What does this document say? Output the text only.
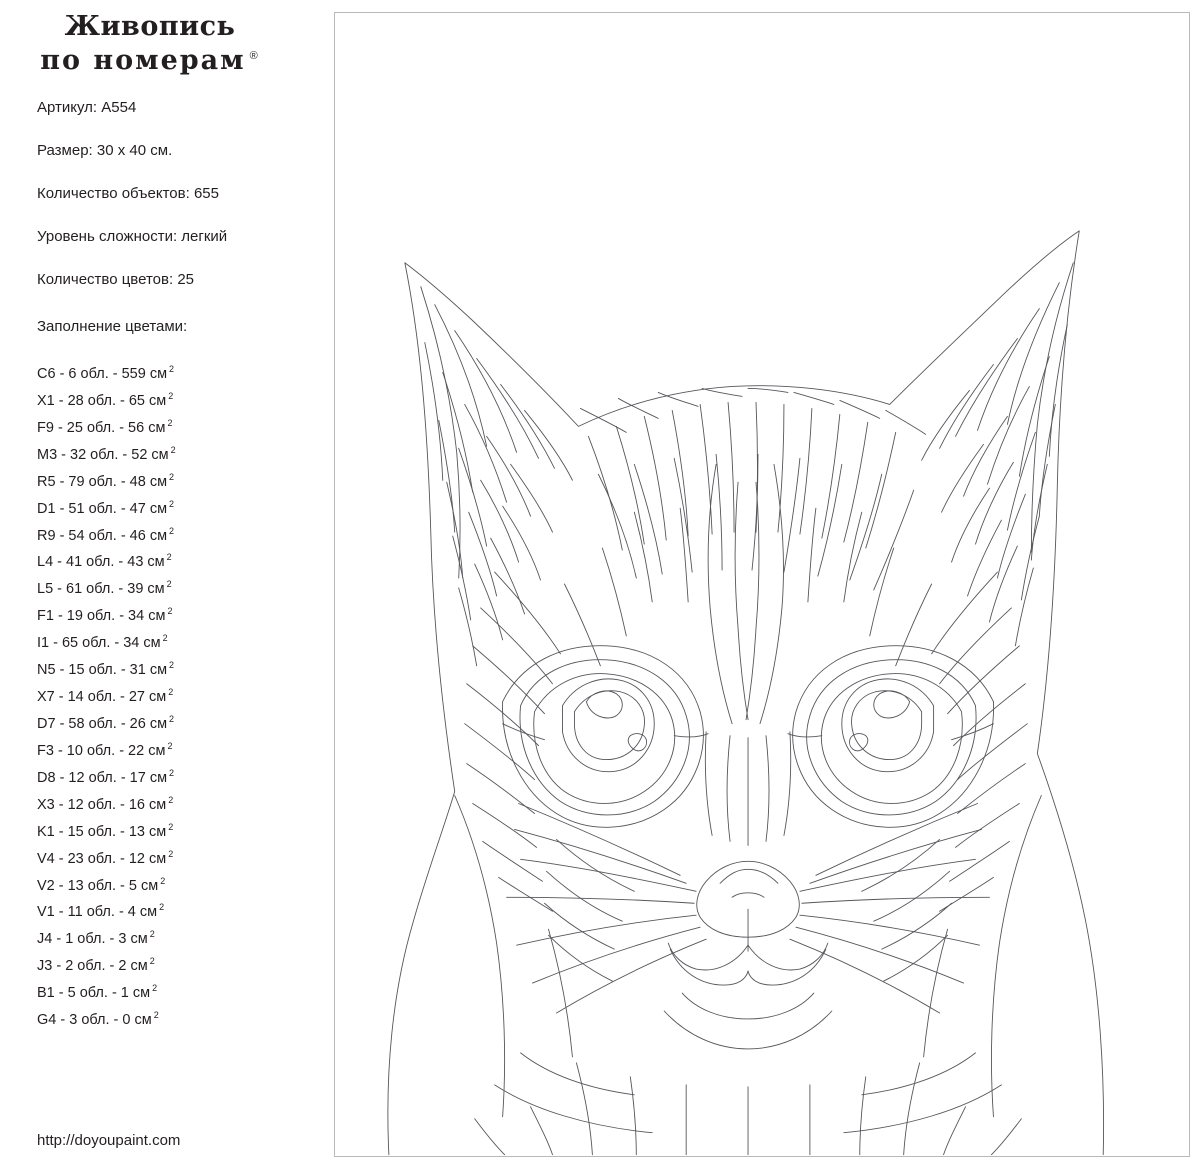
Живопись
по номерам ®
Артикул: A554
Размер: 30 x 40 см.
Количество объектов: 655
Уровень сложности: легкий
Количество цветов: 25
Заполнение цветами:
C6 - 6 обл. - 559 см $^2$
X1 - 28 обл. - 65 см $^2$
F9 - 25 обл. - 56 см $^2$
M3 - 32 обл. - 52 см $^2$
R5 - 79 обл. - 48 см $^2$
D1 - 51 обл. - 47 см $^2$
R9 - 54 обл. - 46 см $^2$
L4 - 41 обл. - 43 см $^2$
L5 - 61 обл. - 39 см $^2$
F1 - 19 обл. - 34 см $^2$
I1 - 65 обл. - 34 см $^2$
N5 - 15 обл. - 31 см $^2$
X7 - 14 обл. - 27 см $^2$
D7 - 58 обл. - 26 см $^2$
F3 - 10 обл. - 22 см $^2$
D8 - 12 обл. - 17 см $^2$
X3 - 12 обл. - 16 см $^2$
K1 - 15 обл. - 13 см $^2$
V4 - 23 обл. - 12 см $^2$
V2 - 13 обл. - 5 см $^2$
V1 - 11 обл. - 4 см $^2$
J4 - 1 обл. - 3 см $^2$
J3 - 2 обл. - 2 см $^2$
B1 - 5 обл. - 1 см $^2$
G4 - 3 обл. - 0 см $^2$
http://doyoupaint.com
